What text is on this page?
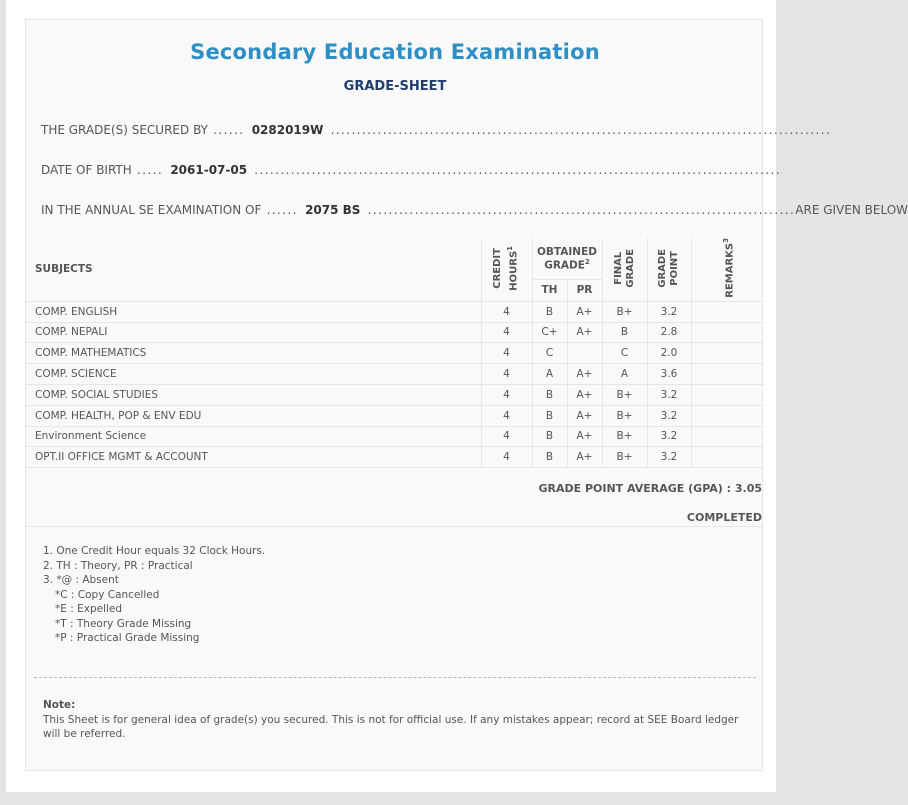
Secondary Education Examination
GRADE-SHEET
THE GRADE(S) SECURED BY ...... 0282019W ................................................................................................
DATE OF BIRTH ..... 2061-07-05 .....................................................................................................
IN THE ANNUAL SE EXAMINATION OF ...... 2075 BS .................................................................................. ARE GIVEN BELOW
SUBJECTS	CREDIT HOURS$^1$	OBTAINED GRADE$^2$		FINAL GRADE	GRADE POINT	REMARKS$^3$
		TH	PR			
COMP. ENGLISH	4	B	A+	B+	3.2	
COMP. NEPALI	4	C+	A+	B	2.8	
COMP. MATHEMATICS	4	C		C	2.0	
COMP. SCIENCE	4	A	A+	A	3.6	
COMP. SOCIAL STUDIES	4	B	A+	B+	3.2	
COMP. HEALTH, POP & ENV EDU	4	B	A+	B+	3.2	
Environment Science	4	B	A+	B+	3.2	
OPT.II OFFICE MGMT & ACCOUNT	4	B	A+	B+	3.2	
GRADE POINT AVERAGE (GPA) : 3.05
COMPLETED
1. One Credit Hour equals 32 Clock Hours.
2. TH : Theory, PR : Practical
3. *@ : Absent
*C : Copy Cancelled
*E : Expelled
*T : Theory Grade Missing
*P : Practical Grade Missing
Note:
This Sheet is for general idea of grade(s) you secured. This is not for official use. If any mistakes appear; record at SEE Board ledger will be referred.
